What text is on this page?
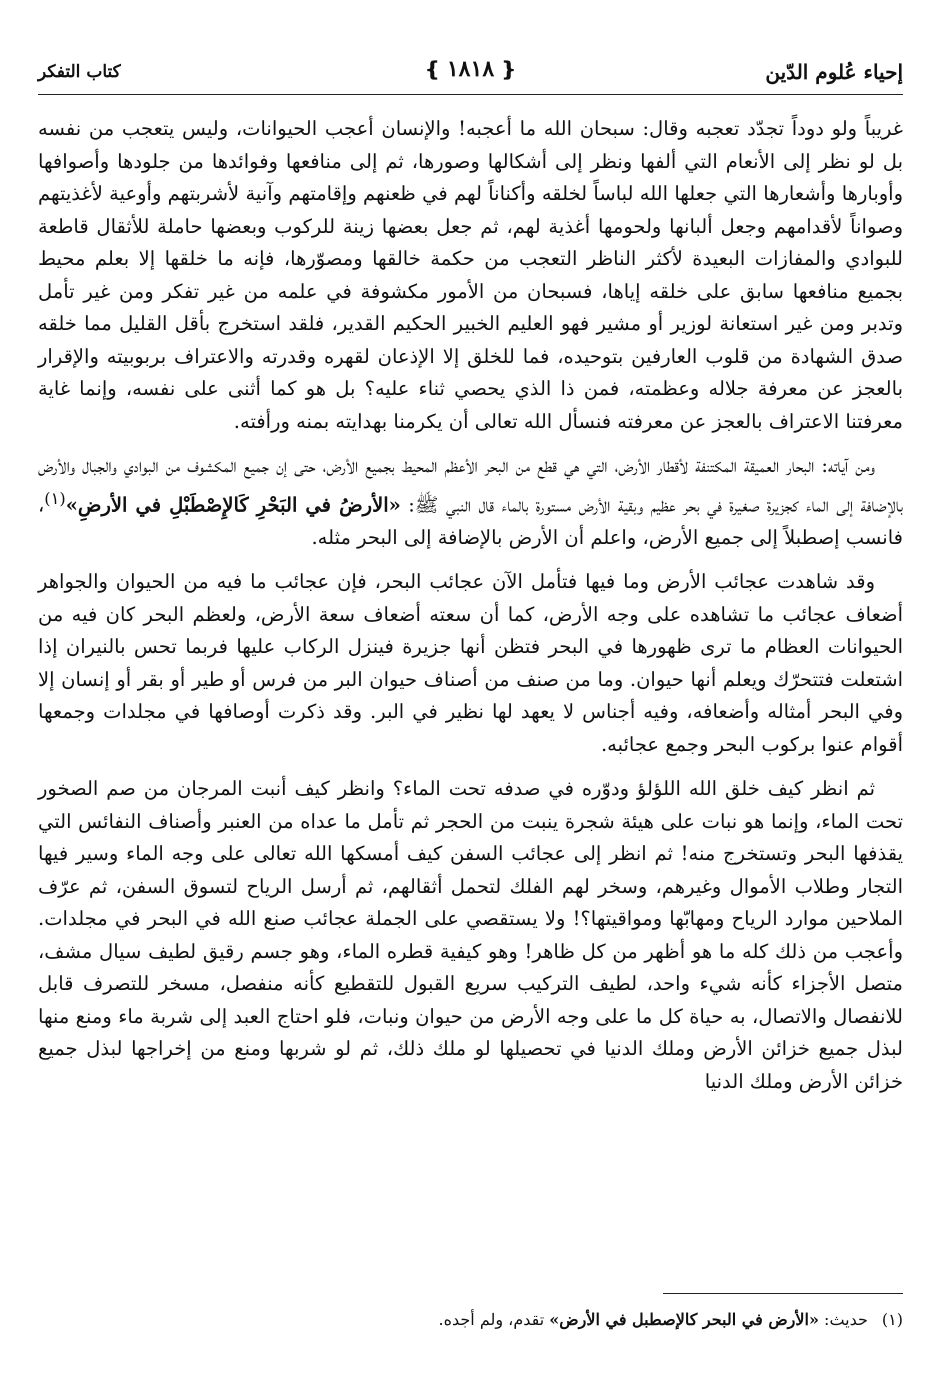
إحياء عُلوم الدّين
❴
١٨١٨
❵
كتاب التفكر

غريباً ولو دوداً تجدّد تعجبه وقال: سبحان الله ما أعجبه! والإنسان أعجب الحيوانات، وليس يتعجب من نفسه بل لو نظر إلى الأنعام التي ألفها ونظر إلى أشكالها وصورها، ثم إلى منافعها وفوائدها من جلودها وأصوافها وأوبارها وأشعارها التي جعلها الله لباساً لخلقه وأكناناً لهم في ظعنهم وإقامتهم وآنية لأشربتهم وأوعية لأغذيتهم وصواناً لأقدامهم وجعل ألبانها ولحومها أغذية لهم، ثم جعل بعضها زينة للركوب وبعضها حاملة للأثقال قاطعة للبوادي والمفازات البعيدة لأكثر الناظر التعجب من حكمة خالقها ومصوّرها، فإنه ما خلقها إلا بعلم محيط بجميع منافعها سابق على خلقه إياها، فسبحان من الأمور مكشوفة في علمه من غير تفكر ومن غير تأمل وتدبر ومن غير استعانة لوزير أو مشير فهو العليم الخبير الحكيم القدير، فلقد استخرج بأقل القليل مما خلقه صدق الشهادة من قلوب العارفين بتوحيده، فما للخلق إلا الإذعان لقهره وقدرته والاعتراف بربوبيته والإقرار بالعجز عن معرفة جلاله وعظمته، فمن ذا الذي يحصي ثناء عليه؟ بل هو كما أثنى على نفسه، وإنما غاية معرفتنا الاعتراف بالعجز عن معرفته فنسأل الله تعالى أن يكرمنا بهدايته بمنه ورأفته.

ومن آياته: البحار العميقة المكتنفة لأقطار الأرض، التي هي قطع من البحر الأعظم المحيط بجميع الأرض، حتى إن جميع المكشوف من البوادي والجبال والأرض بالإضافة إلى الماء كجزيرة صغيرة في بحر عظيم وبقية الأرض مستورة بالماء قال النبي ﷺ: «الأرضُ في البَحْرِ كَالإِصْطَبْلِ في الأرضِ»$^{(١)}$، فانسب إصطبلاً إلى جميع الأرض، واعلم أن الأرض بالإضافة إلى البحر مثله.

وقد شاهدت عجائب الأرض وما فيها فتأمل الآن عجائب البحر، فإن عجائب ما فيه من الحيوان والجواهر أضعاف عجائب ما تشاهده على وجه الأرض، كما أن سعته أضعاف سعة الأرض، ولعظم البحر كان فيه من الحيوانات العظام ما ترى ظهورها في البحر فتظن أنها جزيرة فينزل الركاب عليها فربما تحس بالنيران إذا اشتعلت فتتحرّك ويعلم أنها حيوان. وما من صنف من أصناف حيوان البر من فرس أو طير أو بقر أو إنسان إلا وفي البحر أمثاله وأضعافه، وفيه أجناس لا يعهد لها نظير في البر. وقد ذكرت أوصافها في مجلدات وجمعها أقوام عنوا بركوب البحر وجمع عجائبه.

ثم انظر كيف خلق الله اللؤلؤ ودوّره في صدفه تحت الماء؟ وانظر كيف أنبت المرجان من صم الصخور تحت الماء، وإنما هو نبات على هيئة شجرة ينبت من الحجر ثم تأمل ما عداه من العنبر وأصناف النفائس التي يقذفها البحر وتستخرج منه! ثم انظر إلى عجائب السفن كيف أمسكها الله تعالى على وجه الماء وسير فيها التجار وطلاب الأموال وغيرهم، وسخر لهم الفلك لتحمل أثقالهم، ثم أرسل الرياح لتسوق السفن، ثم عرّف الملاحين موارد الرياح ومهابّها ومواقيتها؟! ولا يستقصي على الجملة عجائب صنع الله في البحر في مجلدات. وأعجب من ذلك كله ما هو أظهر من كل ظاهر! وهو كيفية قطره الماء، وهو جسم رقيق لطيف سيال مشف، متصل الأجزاء كأنه شيء واحد، لطيف التركيب سريع القبول للتقطيع كأنه منفصل، مسخر للتصرف قابل للانفصال والاتصال، به حياة كل ما على وجه الأرض من حيوان ونبات، فلو احتاج العبد إلى شربة ماء ومنع منها لبذل جميع خزائن الأرض وملك الدنيا في تحصيلها لو ملك ذلك، ثم لو شربها ومنع من إخراجها لبذل جميع خزائن الأرض وملك الدنيا

(١)
حديث: «الأرض في البحر كالإصطبل في الأرض» تقدم، ولم أجده.
